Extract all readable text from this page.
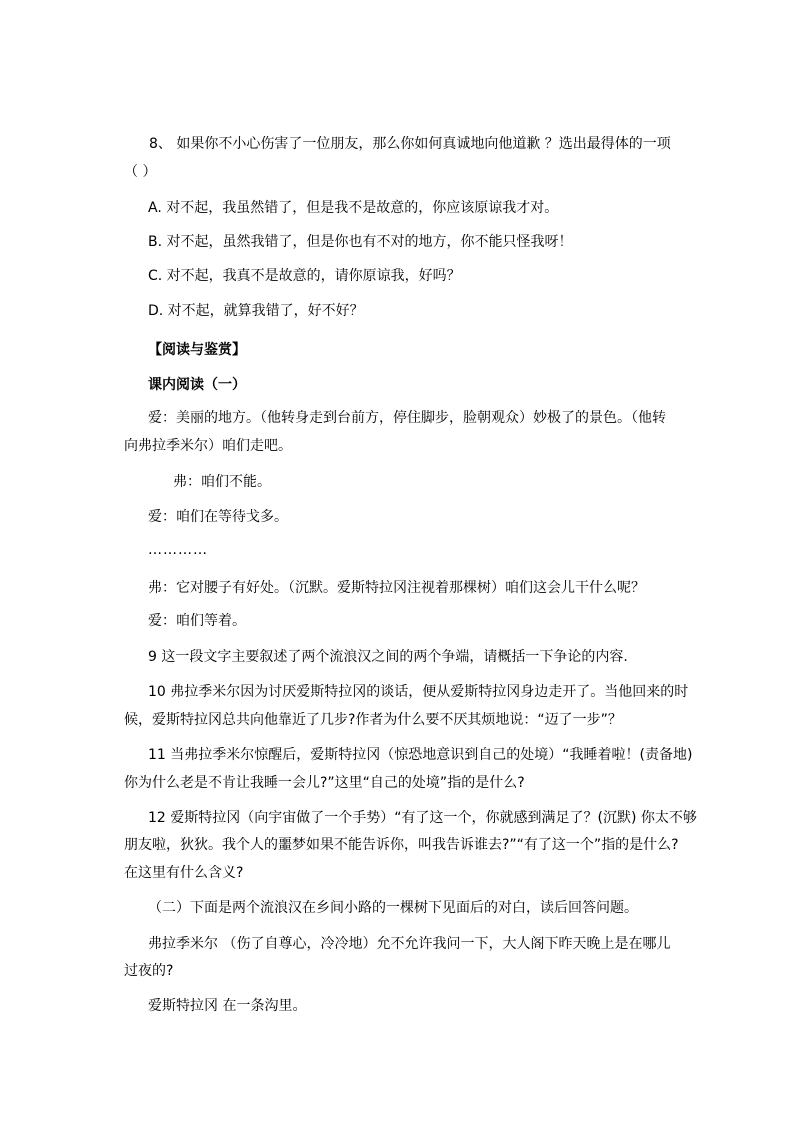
8、 如果你不小心伤害了一位朋友，那么你如何真诚地向他道歉 ？选出最得体的一项
（ ）
A. 对不起，我虽然错了，但是我不是故意的，你应该原谅我才对。
B. 对不起，虽然我错了，但是你也有不对的地方，你不能只怪我呀！
C. 对不起，我真不是故意的，请你原谅我，好吗？
D. 对不起，就算我错了，好不好？
【阅读与鉴赏】
课内阅读（一）
爱：美丽的地方。（他转身走到台前方，停住脚步，脸朝观众）妙极了的景色。（他转
向弗拉季米尔）咱们走吧。
弗：咱们不能。
爱：咱们在等待戈多。
…………
弗：它对腰子有好处。（沉默。爱斯特拉冈注视着那棵树）咱们这会儿干什么呢？
爱：咱们等着。
9 这一段文字主要叙述了两个流浪汉之间的两个争端，请概括一下争论的内容.
10 弗拉季米尔因为讨厌爱斯特拉冈的谈话，便从爱斯特拉冈身边走开了。当他回来的时
候，爱斯特拉冈总共向他靠近了几步?作者为什么要不厌其烦地说：“迈了一步”？
11 当弗拉季米尔惊醒后，爱斯特拉冈（惊恐地意识到自己的处境）“我睡着啦！(责备地)
你为什么老是不肯让我睡一会儿?”这里“自己的处境”指的是什么?
12 爱斯特拉冈（向宇宙做了一个手势）“有了这一个，你就感到满足了？(沉默) 你太不够
朋友啦，狄狄。我个人的噩梦如果不能告诉你，叫我告诉谁去?”“有了这一个”指的是什么?
在这里有什么含义?
（二）下面是两个流浪汉在乡间小路的一棵树下见面后的对白，读后回答问题。
弗拉季米尔 （伤了自尊心，冷冷地）允不允许我问一下，大人阁下昨天晚上是在哪儿
过夜的?
爱斯特拉冈 在一条沟里。
